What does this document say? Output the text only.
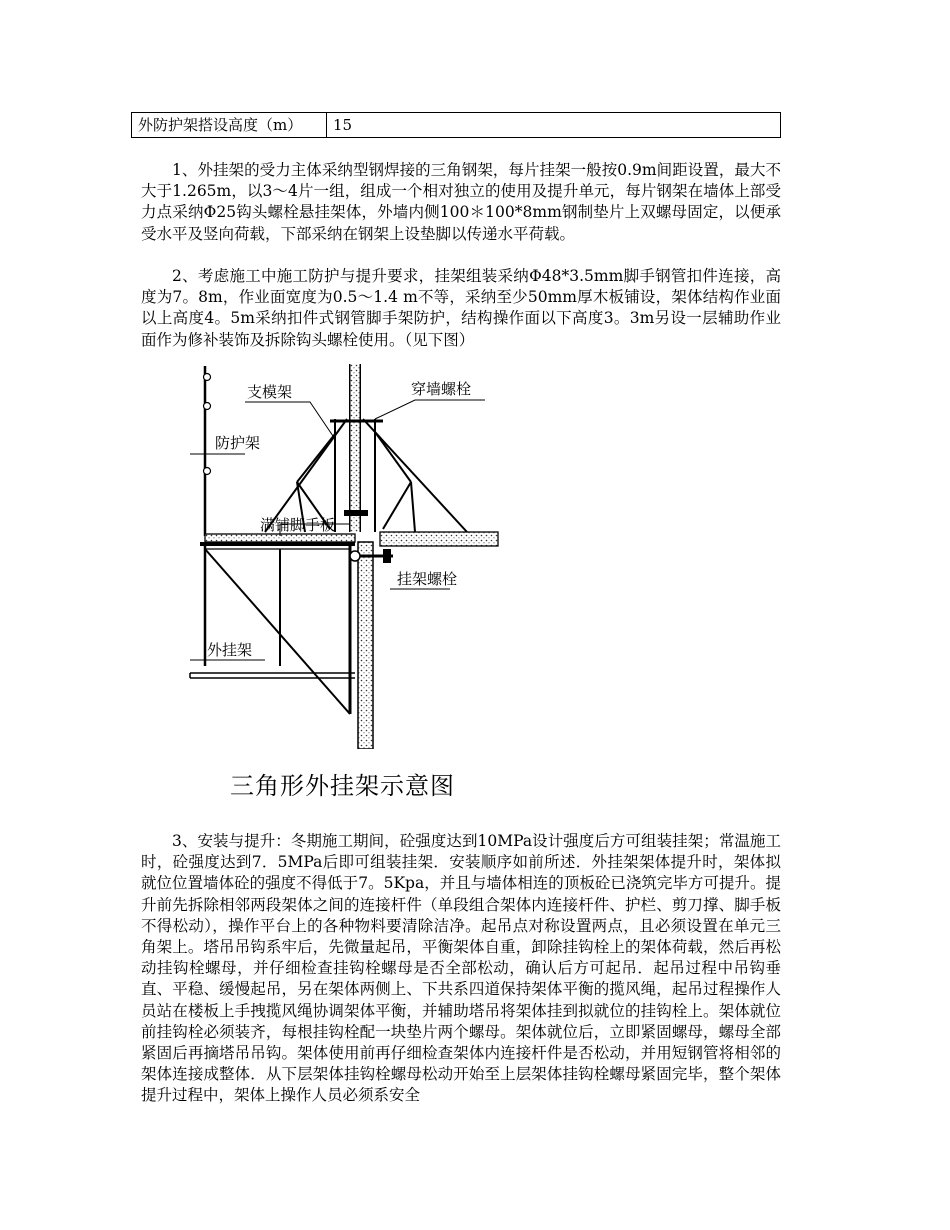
外防护架搭设高度（m）	15

1、外挂架的受力主体采纳型钢焊接的三角钢架，每片挂架一般按0.9m间距设置，最大不大于1.265m，以3～4片一组，组成一个相对独立的使用及提升单元，每片钢架在墙体上部受力点采纳Φ25钩头螺栓悬挂架体，外墙内侧100＊100*8mm钢制垫片上双螺母固定，以便承受水平及竖向荷载，下部采纳在钢架上设垫脚以传递水平荷载。

2、考虑施工中施工防护与提升要求，挂架组装采纳Φ48*3.5mm脚手钢管扣件连接，高度为7。8m，作业面宽度为0.5～1.4 m不等，采纳至少50mm厚木板铺设，架体结构作业面以上高度4。5m采纳扣件式钢管脚手架防护，结构操作面以下高度3。3m另设一层辅助作业面作为修补装饰及拆除钩头螺栓使用。（见下图）

支模架	穿墙螺栓
防护架
满铺脚手板
挂架螺栓
外挂架

三角形外挂架示意图

3、安装与提升：冬期施工期间，砼强度达到10MPa设计强度后方可组装挂架；常温施工时，砼强度达到7．5MPa后即可组装挂架．安装顺序如前所述．外挂架架体提升时，架体拟就位位置墙体砼的强度不得低于7。5Kpa，并且与墙体相连的顶板砼已浇筑完毕方可提升。提升前先拆除相邻两段架体之间的连接杆件（单段组合架体内连接杆件、护栏、剪刀撑、脚手板不得松动），操作平台上的各种物料要清除洁净。起吊点对称设置两点，且必须设置在单元三角架上。塔吊吊钩系牢后，先微量起吊，平衡架体自重，卸除挂钩栓上的架体荷载，然后再松动挂钩栓螺母，并仔细检查挂钩栓螺母是否全部松动，确认后方可起吊．起吊过程中吊钩垂直、平稳、缓慢起吊，另在架体两侧上、下共系四道保持架体平衡的揽风绳，起吊过程操作人员站在楼板上手拽揽风绳协调架体平衡，并辅助塔吊将架体挂到拟就位的挂钩栓上。架体就位前挂钩栓必须装齐，每根挂钩栓配一块垫片两个螺母。架体就位后，立即紧固螺母，螺母全部紧固后再摘塔吊吊钩。架体使用前再仔细检查架体内连接杆件是否松动，并用短钢管将相邻的架体连接成整体．从下层架体挂钩栓螺母松动开始至上层架体挂钩栓螺母紧固完毕，整个架体提升过程中，架体上操作人员必须系安全
